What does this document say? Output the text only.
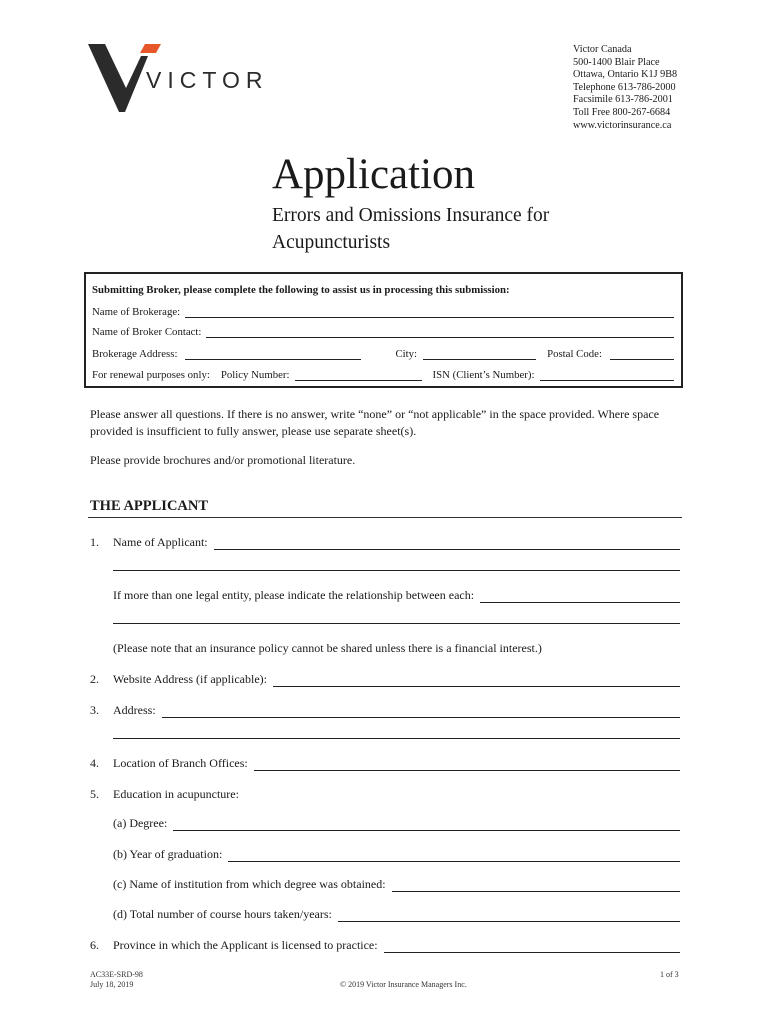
VICTOR
Victor Canada
500-1400 Blair Place
Ottawa, Ontario K1J 9B8
Telephone 613-786-2000
Facsimile 613-786-2001
Toll Free 800-267-6684
www.victorinsurance.ca
Application
Errors and Omissions Insurance for Acupuncturists
Submitting Broker, please complete the following to assist us in processing this submission:
Name of Brokerage:
Name of Broker Contact:
Brokerage Address:	City:	Postal Code:
For renewal purposes only: Policy Number:	ISN (Client’s Number):
Please answer all questions. If there is no answer, write “none” or “not applicable” in the space provided. Where space provided is insufficient to fully answer, please use separate sheet(s).
Please provide brochures and/or promotional literature.
THE APPLICANT
1.	Name of Applicant:
If more than one legal entity, please indicate the relationship between each:
(Please note that an insurance policy cannot be shared unless there is a financial interest.)
2.	Website Address (if applicable):
3.	Address:
4.	Location of Branch Offices:
5.	Education in acupuncture:
(a) Degree:
(b) Year of graduation:
(c) Name of institution from which degree was obtained:
(d) Total number of course hours taken/years:
6.	Province in which the Applicant is licensed to practice:
AC33E-SRD-98
July 18, 2019	© 2019 Victor Insurance Managers Inc.
1 of 3
